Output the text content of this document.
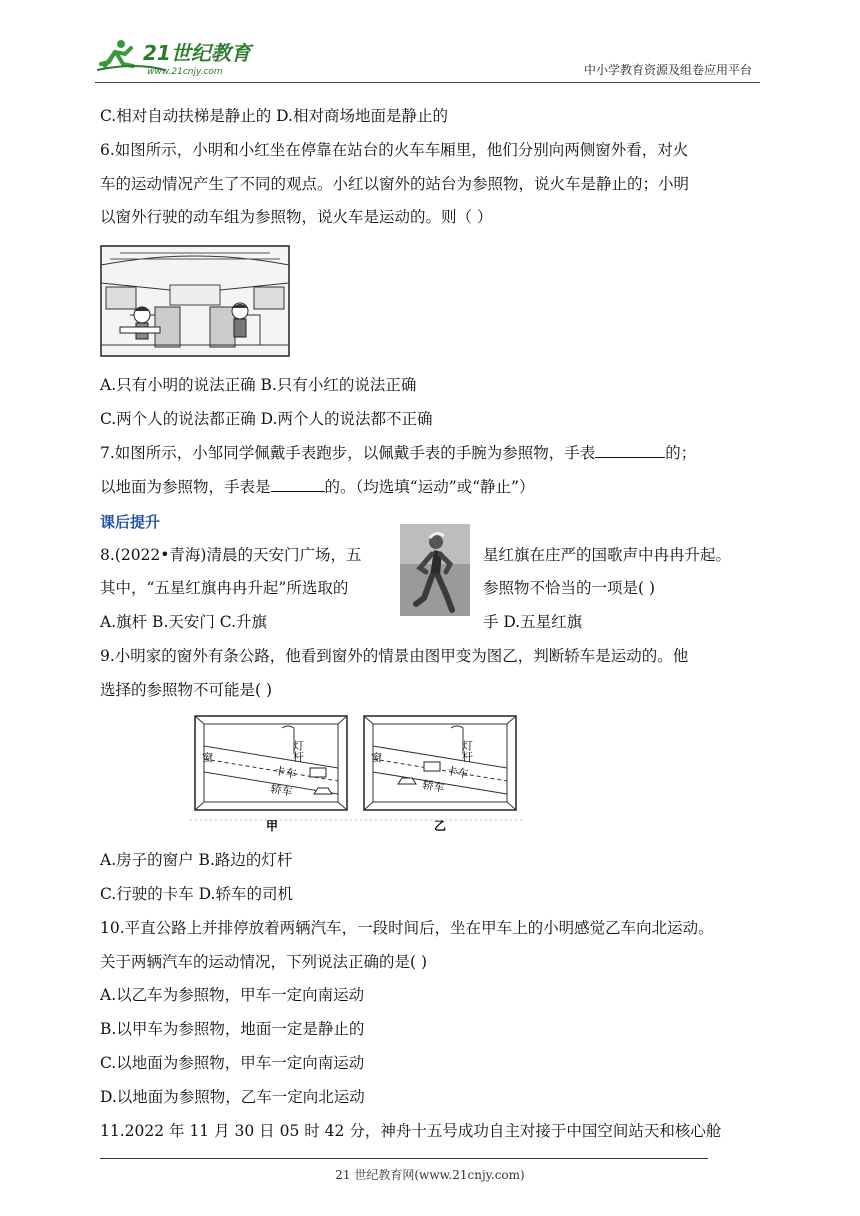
21世纪教育
www.21cnjy.com	中小学教育资源及组卷应用平台
C.相对自动扶梯是静止的 D.相对商场地面是静止的
6.如图所示，小明和小红坐在停靠在站台的火车车厢里，他们分别向两侧窗外看，对火
车的运动情况产生了不同的观点。小红以窗外的站台为参照物，说火车是静止的；小明
以窗外行驶的动车组为参照物，说火车是运动的。则（ ）
A.只有小明的说法正确 B.只有小红的说法正确
C.两个人的说法都正确 D.两个人的说法都不正确
7.如图所示，小邹同学佩戴手表跑步，以佩戴手表的手腕为参照物，手表	的；
以地面为参照物，手表是	的。（均选填“运动”或“静止”）
课后提升
8.(2022•青海)清晨的天安门广场，五	星红旗在庄严的国歌声中冉冉升起。
其中，“五星红旗冉冉升起”所选取的	参照物不恰当的一项是( )
A.旗杆 B.天安门 C.升旗	手 D.五星红旗
9.小明家的窗外有条公路，他看到窗外的情景由图甲变为图乙，判断轿车是运动的。他
选择的参照物不可能是( )
灯杆
窗
卡车
轿车
灯杆
窗
卡车
轿车
甲	乙
A.房子的窗户 B.路边的灯杆
C.行驶的卡车 D.轿车的司机
10.平直公路上并排停放着两辆汽车，一段时间后，坐在甲车上的小明感觉乙车向北运动。
关于两辆汽车的运动情况，下列说法正确的是( )
A.以乙车为参照物，甲车一定向南运动
B.以甲车为参照物，地面一定是静止的
C.以地面为参照物，甲车一定向南运动
D.以地面为参照物，乙车一定向北运动
11.2022 年 11 月 30 日 05 时 42 分，神舟十五号成功自主对接于中国空间站天和核心舱
21 世纪教育网(www.21cnjy.com)
